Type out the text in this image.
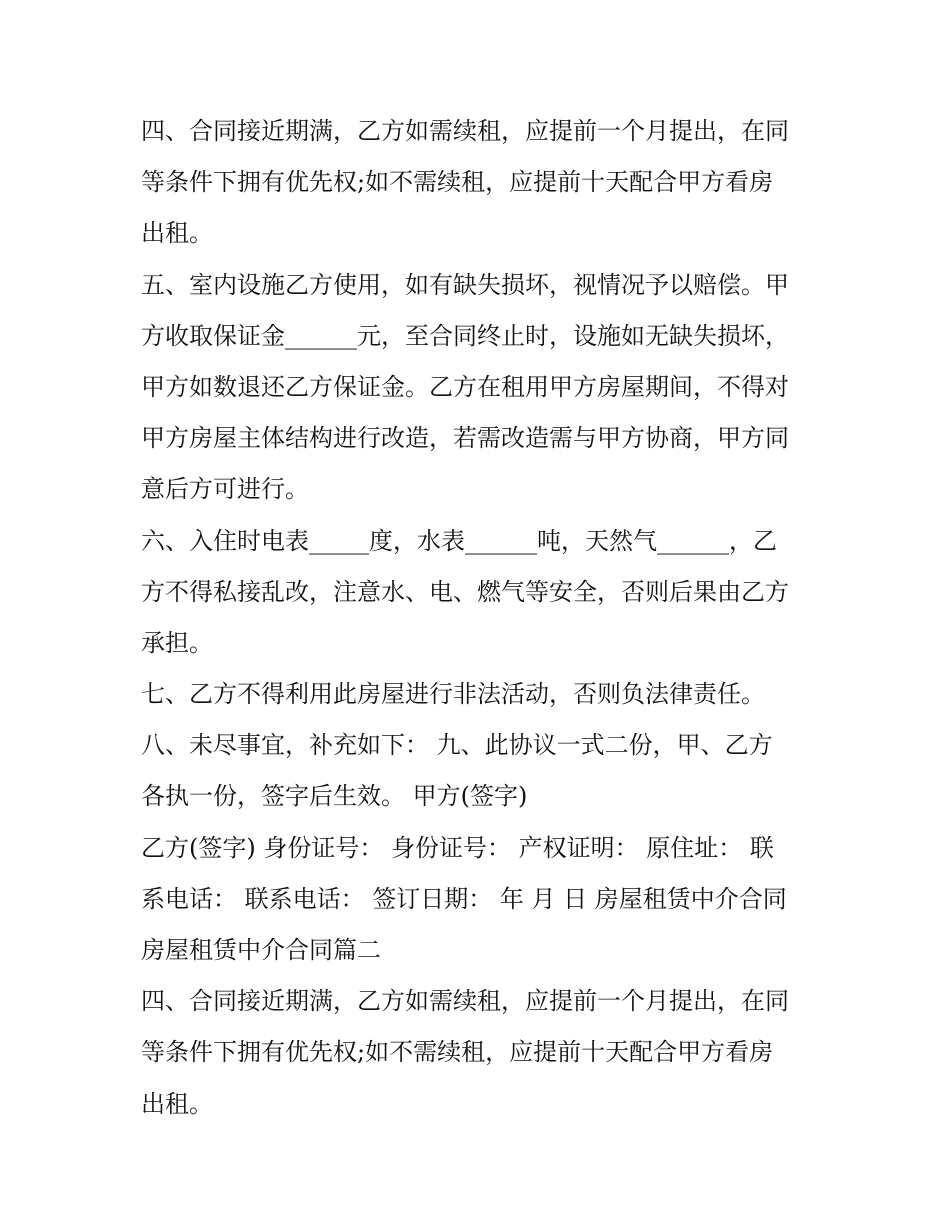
四、合同接近期满，乙方如需续租，应提前一个月提出，在同
等条件下拥有优先权;如不需续租，应提前十天配合甲方看房
出租。
五、室内设施乙方使用，如有缺失损坏，视情况予以赔偿。甲
方收取保证金______元，至合同终止时，设施如无缺失损坏，
甲方如数退还乙方保证金。乙方在租用甲方房屋期间，不得对
甲方房屋主体结构进行改造，若需改造需与甲方协商，甲方同
意后方可进行。
六、入住时电表_____度，水表______吨，天然气______，乙
方不得私接乱改，注意水、电、燃气等安全，否则后果由乙方
承担。
七、乙方不得利用此房屋进行非法活动，否则负法律责任。
八、未尽事宜，补充如下： 九、此协议一式二份，甲、乙方
各执一份，签字后生效。 甲方(签字)
乙方(签字) 身份证号： 身份证号： 产权证明： 原住址： 联
系电话： 联系电话： 签订日期： 年 月 日 房屋租赁中介合同
房屋租赁中介合同篇二
四、合同接近期满，乙方如需续租，应提前一个月提出，在同
等条件下拥有优先权;如不需续租，应提前十天配合甲方看房
出租。
